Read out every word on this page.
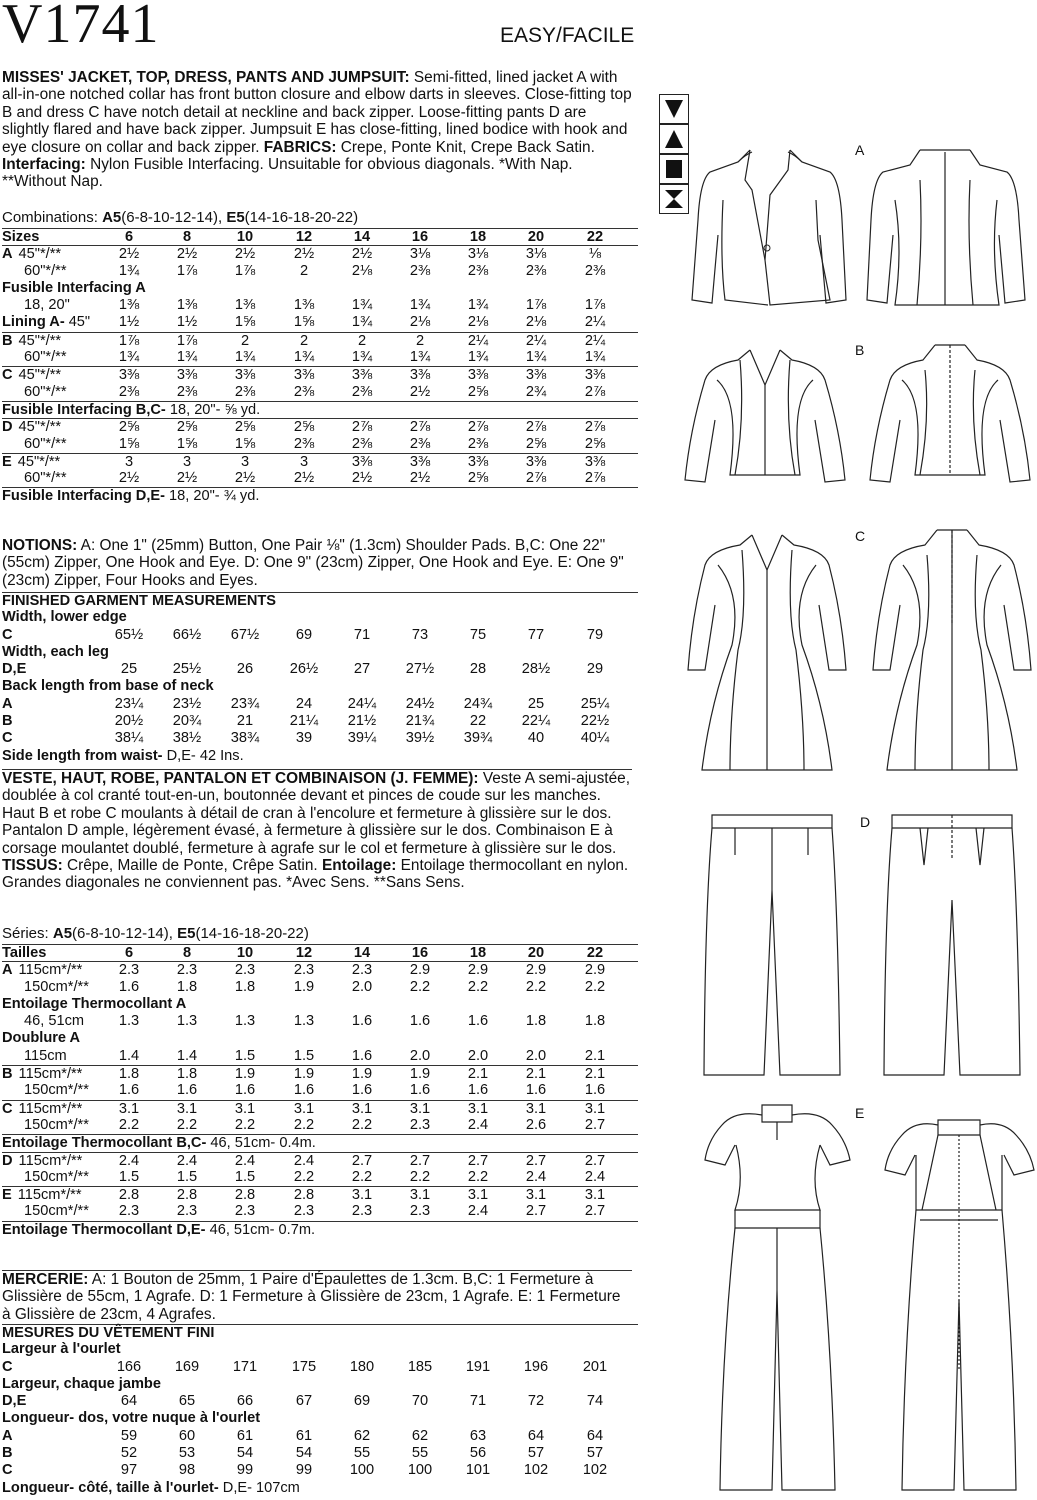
V1741	EASY/FACILE
MISSES' JACKET, TOP, DRESS, PANTS AND JUMPSUIT: Semi-fitted, lined jacket A with all-in-one notched collar has front button closure and elbow darts in sleeves. Close-fitting top B and dress C have notch detail at neckline and back zipper. Loose-fitting pants D are slightly flared and have back zipper. Jumpsuit E has close-fitting, lined bodice with hook and eye closure on collar and back zipper. FABRICS: Crepe, Ponte Knit, Crepe Back Satin. Interfacing: Nylon Fusible Interfacing. Unsuitable for obvious diagonals. *With Nap. **Without Nap.
Combinations: A5(6-8-10-12-14), E5(14-16-18-20-22)
Sizes	6	8	10	12	14	16	18	20	22
A 45"*/**	2½	2½	2½	2½	2½	3⅛	3⅛	3⅛	⅛
60"*/**	1¾	1⅞	1⅞	2	2⅛	2⅜	2⅜	2⅜	2⅜
Fusible Interfacing A
18, 20"	1⅜	1⅜	1⅜	1⅜	1¾	1¾	1¾	1⅞	1⅞
Lining A- 45"	1½	1½	1⅝	1⅝	1¾	2⅛	2⅛	2⅛	2¼
B 45"*/**	1⅞	1⅞	2	2	2	2	2¼	2¼	2¼
60"*/**	1¾	1¾	1¾	1¾	1¾	1¾	1¾	1¾	1¾
C 45"*/**	3⅜	3⅜	3⅜	3⅜	3⅜	3⅜	3⅜	3⅜	3⅜
60"*/**	2⅜	2⅜	2⅜	2⅜	2⅜	2½	2⅝	2¾	2⅞
Fusible Interfacing B,C- 18, 20"- ⅝ yd.
D 45"*/**	2⅝	2⅝	2⅝	2⅝	2⅞	2⅞	2⅞	2⅞	2⅞
60"*/**	1⅝	1⅝	1⅝	2⅜	2⅜	2⅜	2⅜	2⅝	2⅝
E 45"*/**	3	3	3	3	3⅜	3⅜	3⅜	3⅜	3⅜
60"*/**	2½	2½	2½	2½	2½	2½	2⅝	2⅞	2⅞
Fusible Interfacing D,E- 18, 20"- ¾ yd.
NOTIONS: A: One 1" (25mm) Button, One Pair ⅛" (1.3cm) Shoulder Pads. B,C: One 22" (55cm) Zipper, One Hook and Eye. D: One 9" (23cm) Zipper, One Hook and Eye. E: One 9" (23cm) Zipper, Four Hooks and Eyes.
FINISHED GARMENT MEASUREMENTS
Width, lower edge
C	65½	66½	67½	69	71	73	75	77	79
Width, each leg
D,E	25	25½	26	26½	27	27½	28	28½	29
Back length from base of neck
A	23¼	23½	23¾	24	24¼	24½	24¾	25	25¼
B	20½	20¾	21	21¼	21½	21¾	22	22¼	22½
C	38¼	38½	38¾	39	39¼	39½	39¾	40	40¼
Side length from waist- D,E- 42 Ins.
VESTE, HAUT, ROBE, PANTALON ET COMBINAISON (J. FEMME): Veste A semi-ajustée, doublée à col cranté tout-en-un, boutonnée devant et pinces de coude sur les manches. Haut B et robe C moulants à détail de cran à l'encolure et fermeture à glissière sur le dos. Pantalon D ample, légèrement évasé, à fermeture à glissière sur le dos. Combinaison E à corsage moulantet doublé, fermeture à agrafe sur le col et fermeture à glissière sur le dos. TISSUS: Crêpe, Maille de Ponte, Crêpe Satin. Entoilage: Entoilage thermocollant en nylon. Grandes diagonales ne conviennent pas. *Avec Sens. **Sans Sens.
Séries: A5(6-8-10-12-14), E5(14-16-18-20-22)
Tailles	6	8	10	12	14	16	18	20	22
A 115cm*/**	2.3	2.3	2.3	2.3	2.3	2.9	2.9	2.9	2.9
150cm*/**	1.6	1.8	1.8	1.9	2.0	2.2	2.2	2.2	2.2
Entoilage Thermocollant A
46, 51cm	1.3	1.3	1.3	1.3	1.6	1.6	1.6	1.8	1.8
Doublure A
115cm	1.4	1.4	1.5	1.5	1.6	2.0	2.0	2.0	2.1
B 115cm*/**	1.8	1.8	1.9	1.9	1.9	1.9	2.1	2.1	2.1
150cm*/**	1.6	1.6	1.6	1.6	1.6	1.6	1.6	1.6	1.6
C 115cm*/**	3.1	3.1	3.1	3.1	3.1	3.1	3.1	3.1	3.1
150cm*/**	2.2	2.2	2.2	2.2	2.2	2.3	2.4	2.6	2.7
Entoilage Thermocollant B,C- 46, 51cm- 0.4m.
D 115cm*/**	2.4	2.4	2.4	2.4	2.7	2.7	2.7	2.7	2.7
150cm*/**	1.5	1.5	1.5	2.2	2.2	2.2	2.2	2.4	2.4
E 115cm*/**	2.8	2.8	2.8	2.8	3.1	3.1	3.1	3.1	3.1
150cm*/**	2.3	2.3	2.3	2.3	2.3	2.3	2.4	2.7	2.7
Entoilage Thermocollant D,E- 46, 51cm- 0.7m.
MERCERIE: A: 1 Bouton de 25mm, 1 Paire d'Épaulettes de 1.3cm. B,C: 1 Fermeture à Glissière de 55cm, 1 Agrafe. D: 1 Fermeture à Glissière de 23cm, 1 Agrafe. E: 1 Fermeture à Glissière de 23cm, 4 Agrafes.
MESURES DU VÊTEMENT FINI
Largeur à l'ourlet
C	166	169	171	175	180	185	191	196	201
Largeur, chaque jambe
D,E	64	65	66	67	69	70	71	72	74
Longueur- dos, votre nuque à l'ourlet
A	59	60	61	61	62	62	63	64	64
B	52	53	54	54	55	55	56	57	57
C	97	98	99	99	100	100	101	102	102
Longueur- côté, taille à l'ourlet- D,E- 107cm
A
B
C
D
E
